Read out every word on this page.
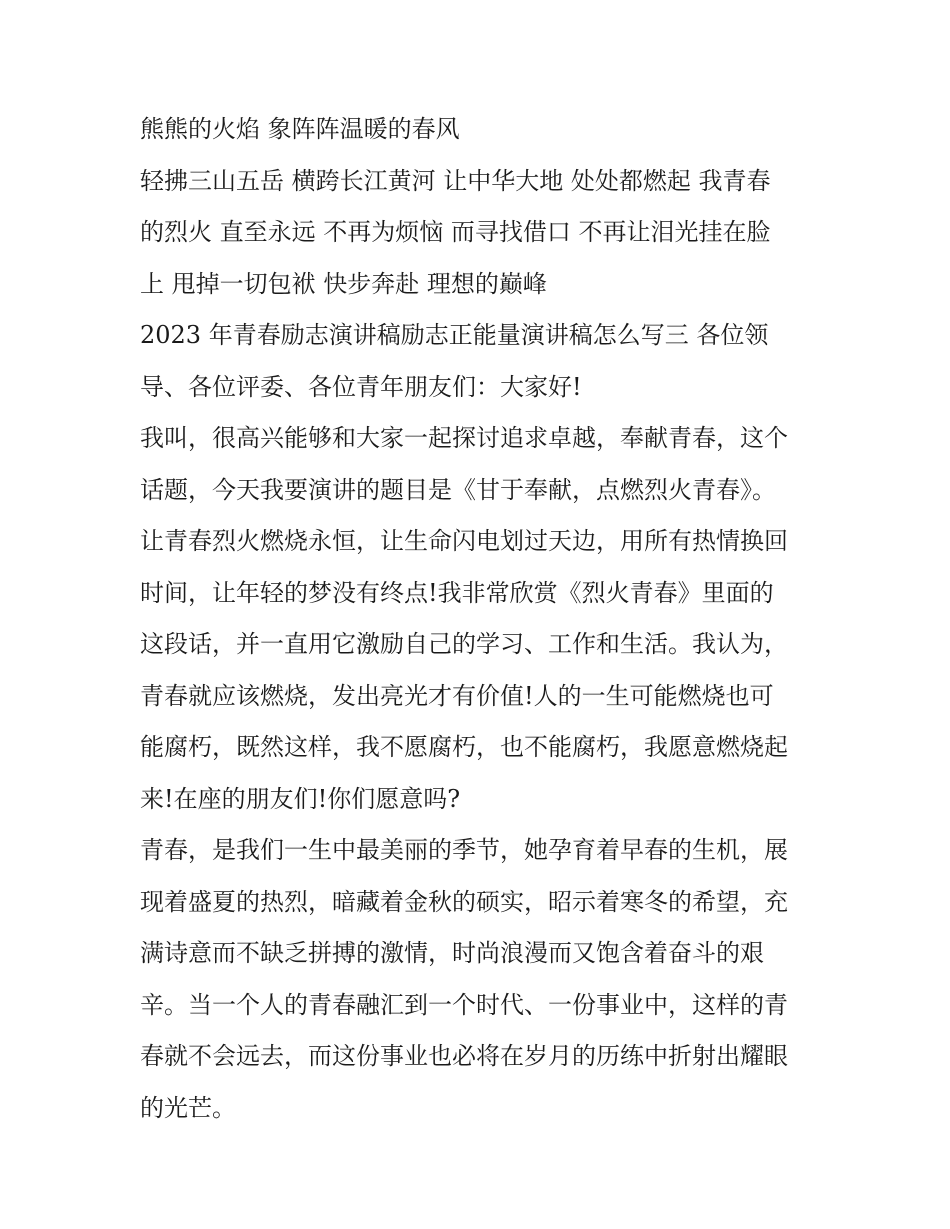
熊熊的火焰 象阵阵温暖的春风
轻拂三山五岳 横跨长江黄河 让中华大地 处处都燃起 我青春
的烈火 直至永远 不再为烦恼 而寻找借口 不再让泪光挂在脸
上 甩掉一切包袱 快步奔赴 理想的巅峰
2023 年青春励志演讲稿励志正能量演讲稿怎么写三 各位领
导、各位评委、各位青年朋友们：大家好!
我叫，很高兴能够和大家一起探讨追求卓越，奉献青春，这个
话题，今天我要演讲的题目是《甘于奉献，点燃烈火青春》。
让青春烈火燃烧永恒，让生命闪电划过天边，用所有热情换回
时间，让年轻的梦没有终点!我非常欣赏《烈火青春》里面的
这段话，并一直用它激励自己的学习、工作和生活。我认为，
青春就应该燃烧，发出亮光才有价值!人的一生可能燃烧也可
能腐朽，既然这样，我不愿腐朽，也不能腐朽，我愿意燃烧起
来!在座的朋友们!你们愿意吗?
青春，是我们一生中最美丽的季节，她孕育着早春的生机，展
现着盛夏的热烈，暗藏着金秋的硕实，昭示着寒冬的希望，充
满诗意而不缺乏拼搏的激情，时尚浪漫而又饱含着奋斗的艰
辛。当一个人的青春融汇到一个时代、一份事业中，这样的青
春就不会远去，而这份事业也必将在岁月的历练中折射出耀眼
的光芒。
